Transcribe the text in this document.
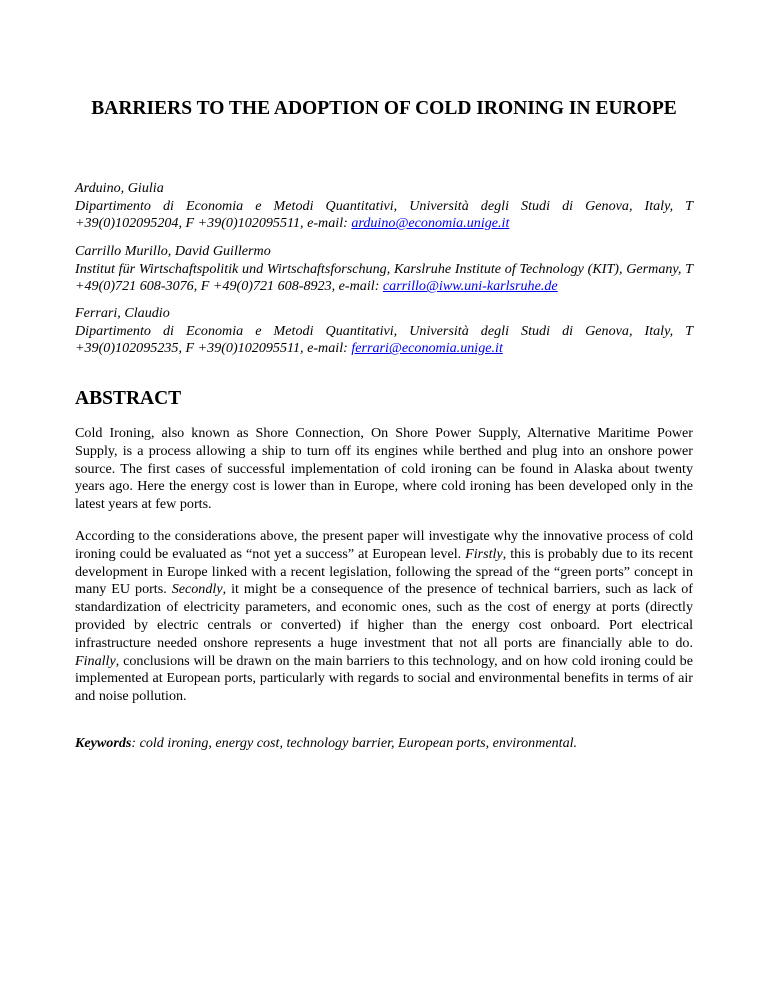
BARRIERS TO THE ADOPTION OF COLD IRONING IN EUROPE
Arduino, Giulia
Dipartimento di Economia e Metodi Quantitativi, Università degli Studi di Genova, Italy, T +39(0)102095204, F +39(0)102095511, e-mail: arduino@economia.unige.it
Carrillo Murillo, David Guillermo
Institut für Wirtschaftspolitik und Wirtschaftsforschung, Karslruhe Institute of Technology (KIT), Germany, T +49(0)721 608-3076, F +49(0)721 608-8923, e-mail: carrillo@iww.uni-karlsruhe.de
Ferrari, Claudio
Dipartimento di Economia e Metodi Quantitativi, Università degli Studi di Genova, Italy, T +39(0)102095235, F +39(0)102095511, e-mail: ferrari@economia.unige.it
ABSTRACT
Cold Ironing, also known as Shore Connection, On Shore Power Supply, Alternative Maritime Power Supply, is a process allowing a ship to turn off its engines while berthed and plug into an onshore power source. The first cases of successful implementation of cold ironing can be found in Alaska about twenty years ago. Here the energy cost is lower than in Europe, where cold ironing has been developed only in the latest years at few ports.
According to the considerations above, the present paper will investigate why the innovative process of cold ironing could be evaluated as “not yet a success” at European level. Firstly, this is probably due to its recent development in Europe linked with a recent legislation, following the spread of the “green ports” concept in many EU ports. Secondly, it might be a consequence of the presence of technical barriers, such as lack of standardization of electricity parameters, and economic ones, such as the cost of energy at ports (directly provided by electric centrals or converted) if higher than the energy cost onboard. Port electrical infrastructure needed onshore represents a huge investment that not all ports are financially able to do. Finally, conclusions will be drawn on the main barriers to this technology, and on how cold ironing could be implemented at European ports, particularly with regards to social and environmental benefits in terms of air and noise pollution.
Keywords: cold ironing, energy cost, technology barrier, European ports, environmental.
